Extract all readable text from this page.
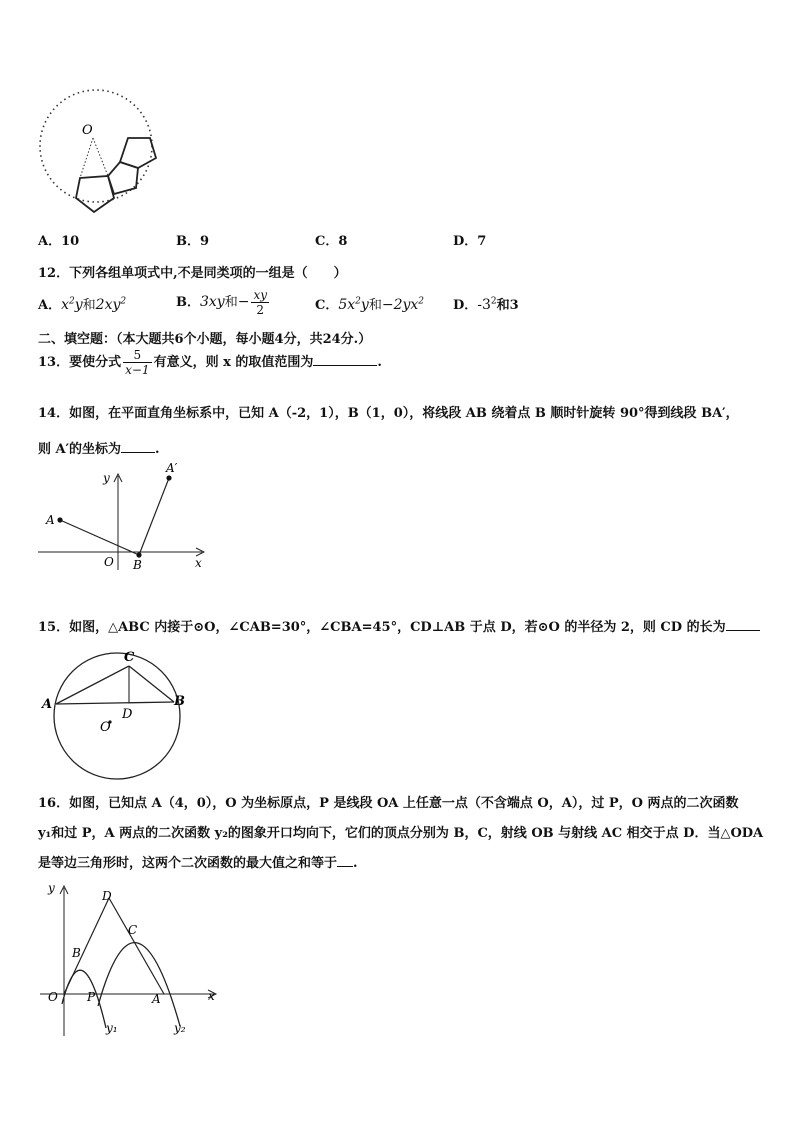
O
A．10	B．9	C．8	D．7
12．下列各组单项式中,不是同类项的一组是（　　）
A．$x^2y$和$2xy^2$	B．3xy和− $\frac{xy}{2}$	C．$5x^2y$和$-2yx^2$ D．$-3^2$和3
二、填空题：（本大题共6个小题，每小题4分，共24分.）
13．要使分式 $\frac{5}{x-1}$ 有意义，则 x 的取值范围为	.
14．如图，在平面直角坐标系中，已知 A（-2，1），B（1，0），将线段 AB 绕着点 B 顺时针旋转 90°得到线段 BA′，
则 A′的坐标为	.
A
A′
B
O	x
y
15．如图，△ABC 内接于⊙O，∠CAB=30°，∠CBA=45°，CD⊥AB 于点 D，若⊙O 的半径为 2，则 CD 的长为
A	B
C
D
O
16．如图，已知点 A（4，0），O 为坐标原点，P 是线段 OA 上任意一点（不含端点 O，A），过 P，O 两点的二次函数
y₁和过 P，A 两点的二次函数 y₂的图象开口均向下，它们的顶点分别为 B，C，射线 OB 与射线 AC 相交于点 D．当△ODA
是等边三角形时，这两个二次函数的最大值之和等于 .
y
D
C
B
O P	A	x
y₁	y₂
